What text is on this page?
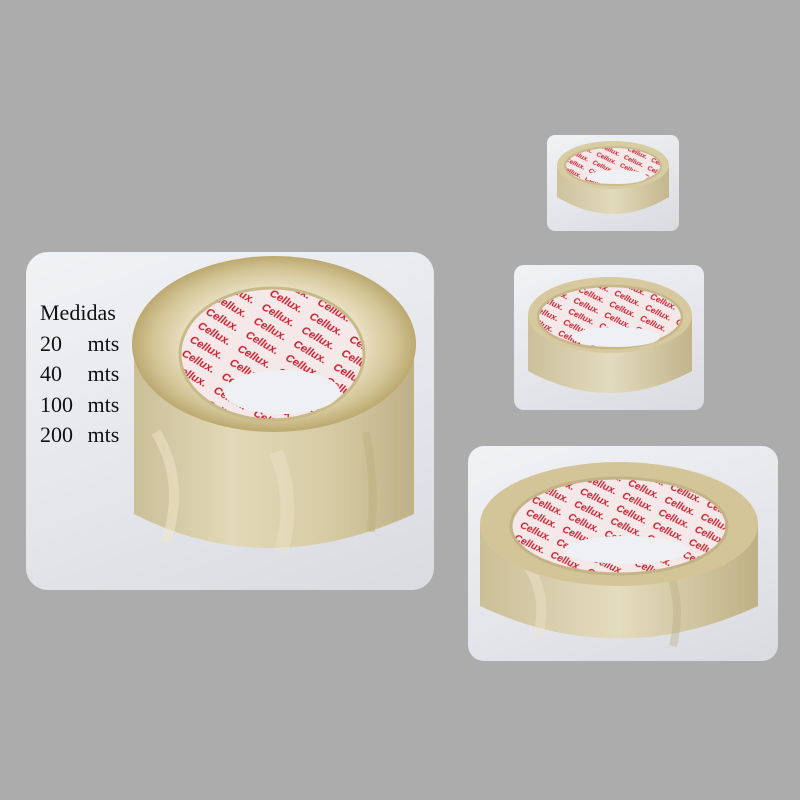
Medidas
20 mts
40 mts
100 mts
200 mts
